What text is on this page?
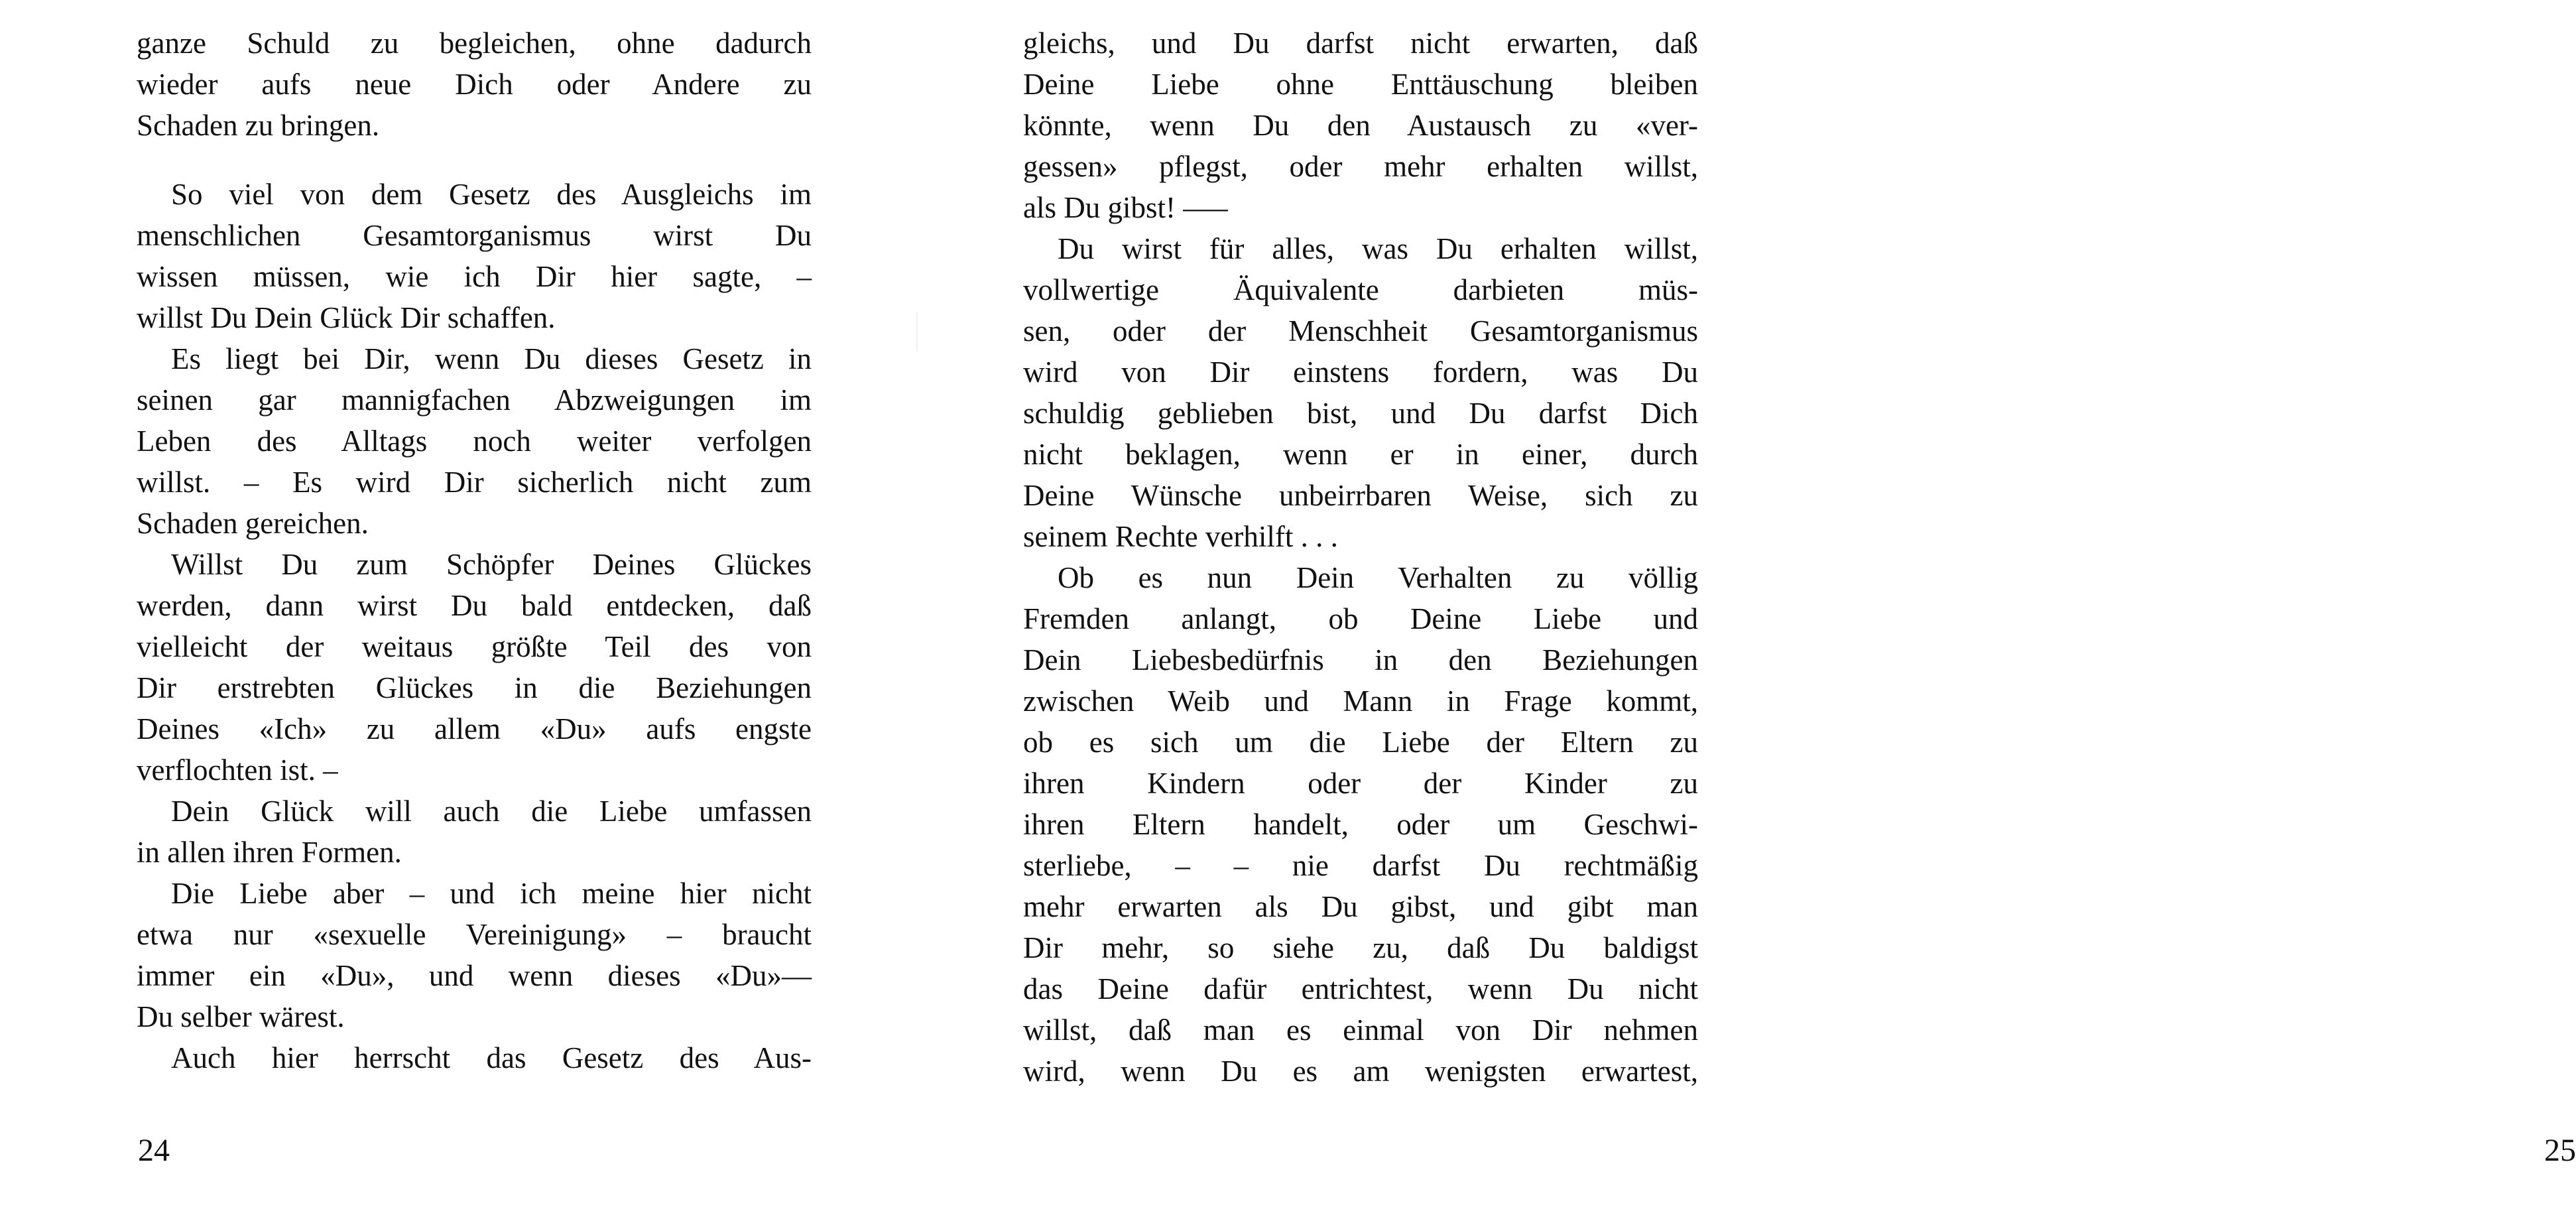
ganze Schuld zu begleichen, ohne dadurch
wieder aufs neue Dich oder Andere zu
Schaden zu bringen.
So viel von dem Gesetz des Ausgleichs im
menschlichen Gesamtorganismus wirst Du
wissen müssen, wie ich Dir hier sagte, –
willst Du Dein Glück Dir schaffen.
Es liegt bei Dir, wenn Du dieses Gesetz in
seinen gar mannigfachen Abzweigungen im
Leben des Alltags noch weiter verfolgen
willst. – Es wird Dir sicherlich nicht zum
Schaden gereichen.
Willst Du zum Schöpfer Deines Glückes
werden, dann wirst Du bald entdecken, daß
vielleicht der weitaus größte Teil des von
Dir erstrebten Glückes in die Beziehungen
Deines «Ich» zu allem «Du» aufs engste
verflochten ist. –
Dein Glück will auch die Liebe umfassen
in allen ihren Formen.
Die Liebe aber – und ich meine hier nicht
etwa nur «sexuelle Vereinigung» – braucht
immer ein «Du», und wenn dieses «Du»––
Du selber wärest.
Auch hier herrscht das Gesetz des Aus-
24
gleichs, und Du darfst nicht erwarten, daß
Deine Liebe ohne Enttäuschung bleiben
könnte, wenn Du den Austausch zu «ver-
gessen» pflegst, oder mehr erhalten willst,
als Du gibst! –––
Du wirst für alles, was Du erhalten willst,
vollwertige Äquivalente darbieten müs-
sen, oder der Menschheit Gesamtorganismus
wird von Dir einstens fordern, was Du
schuldig geblieben bist, und Du darfst Dich
nicht beklagen, wenn er in einer, durch
Deine Wünsche unbeirrbaren Weise, sich zu
seinem Rechte verhilft . . .
Ob es nun Dein Verhalten zu völlig
Fremden anlangt, ob Deine Liebe und
Dein Liebesbedürfnis in den Beziehungen
zwischen Weib und Mann in Frage kommt,
ob es sich um die Liebe der Eltern zu
ihren Kindern oder der Kinder zu
ihren Eltern handelt, oder um Geschwi-
sterliebe, – – nie darfst Du rechtmäßig
mehr erwarten als Du gibst, und gibt man
Dir mehr, so siehe zu, daß Du baldigst
das Deine dafür entrichtest, wenn Du nicht
willst, daß man es einmal von Dir nehmen
wird, wenn Du es am wenigsten erwartest,
25
